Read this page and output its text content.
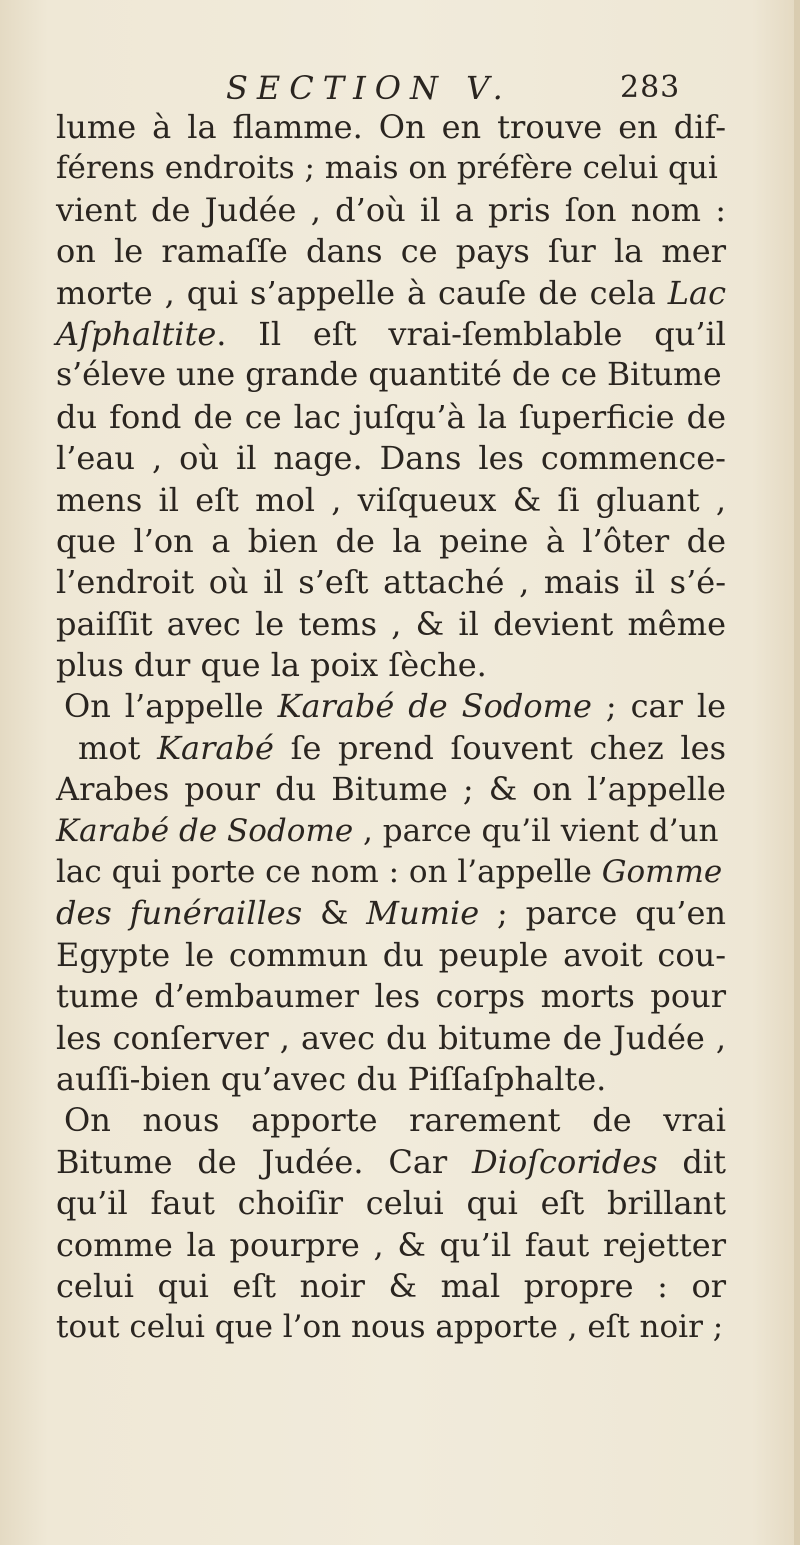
SECTION V.	283
lume à la flamme. On en trouve en dif-
férens endroits ; mais on préfère celui qui
vient de Judée , d’où il a pris ſon nom :
on le ramaſſe dans ce pays ſur la mer
morte , qui s’appelle à cauſe de cela Lac
Aſphaltite. Il eſt vrai-ſemblable qu’il
s’éleve une grande quantité de ce Bitume
du fond de ce lac juſqu’à la ſuperficie de
l’eau , où il nage. Dans les commence-
mens il eſt mol , viſqueux & ſi gluant ,
que l’on a bien de la peine à l’ôter de
l’endroit où il s’eſt attaché , mais il s’é-
paiſſit avec le tems , & il devient même
plus dur que la poix ſèche.
On l’appelle Karabé de Sodome ; car le
mot Karabé ſe prend ſouvent chez les
Arabes pour du Bitume ; & on l’appelle
Karabé de Sodome , parce qu’il vient d’un
lac qui porte ce nom : on l’appelle Gomme
des funérailles & Mumie ; parce qu’en
Egypte le commun du peuple avoit cou-
tume d’embaumer les corps morts pour
les conſerver , avec du bitume de Judée ,
auſſi-bien qu’avec du Piſſaſphalte.
On nous apporte rarement de vrai
Bitume de Judée. Car Dioſcorides dit
qu’il faut choiſir celui qui eſt brillant
comme la pourpre , & qu’il faut rejetter
celui qui eſt noir & mal propre : or
tout celui que l’on nous apporte , eſt noir ;
